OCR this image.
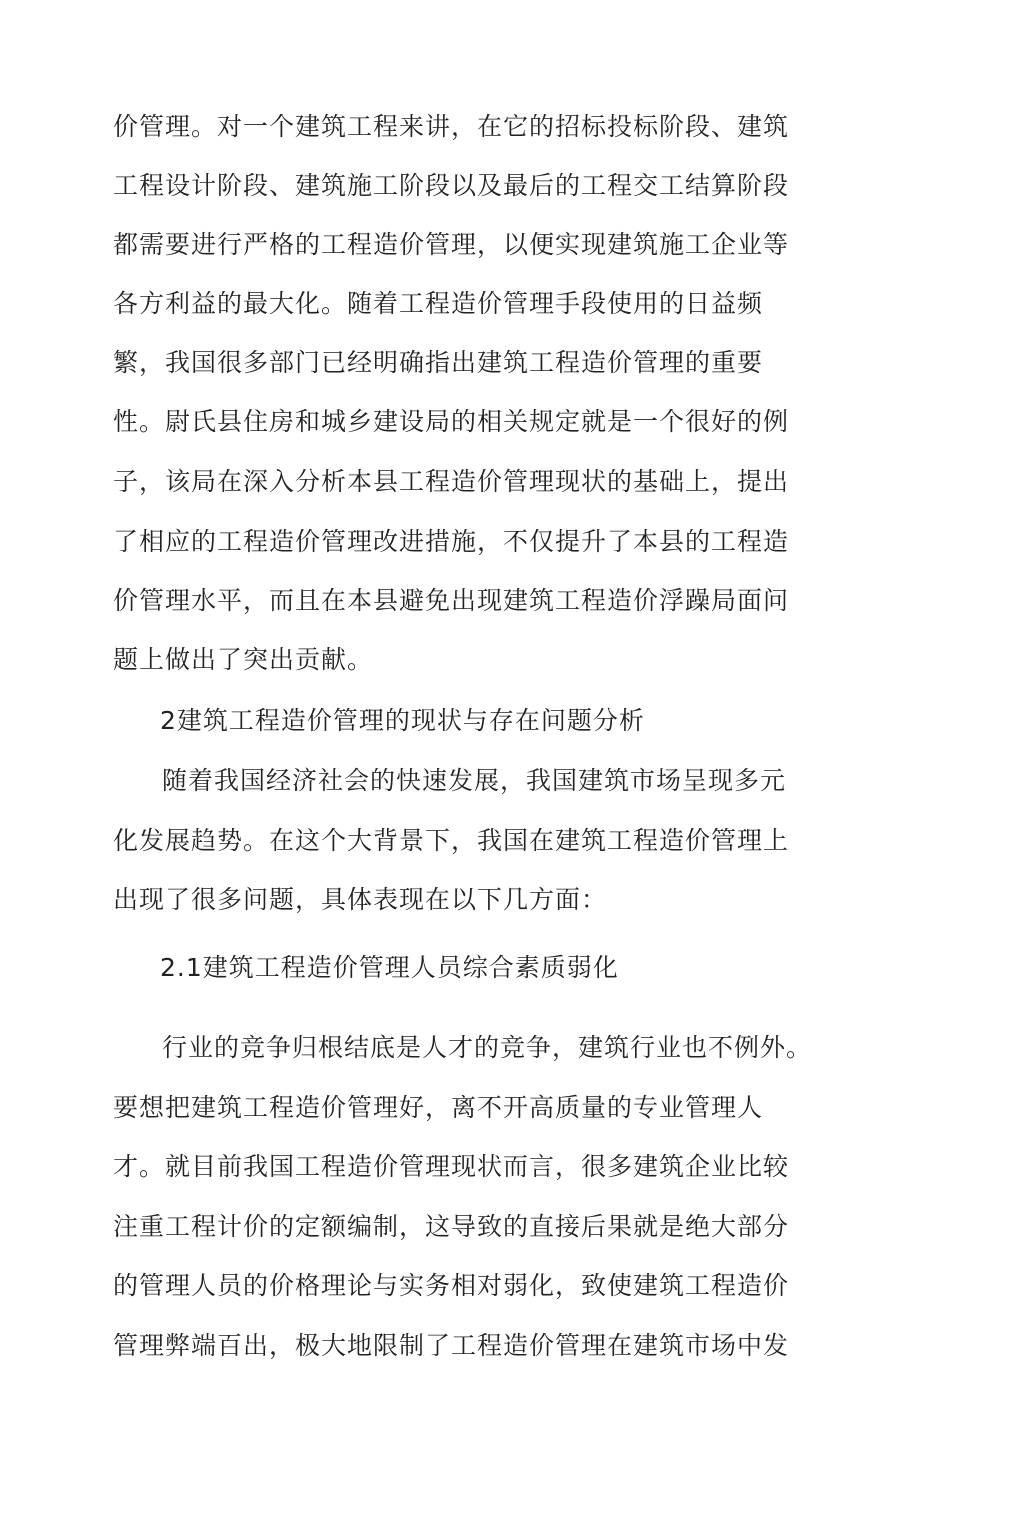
价管理。对一个建筑工程来讲，在它的招标投标阶段、建筑
工程设计阶段、建筑施工阶段以及最后的工程交工结算阶段
都需要进行严格的工程造价管理，以便实现建筑施工企业等
各方利益的最大化。随着工程造价管理手段使用的日益频
繁，我国很多部门已经明确指出建筑工程造价管理的重要
性。尉氏县住房和城乡建设局的相关规定就是一个很好的例
子，该局在深入分析本县工程造价管理现状的基础上，提出
了相应的工程造价管理改进措施，不仅提升了本县的工程造
价管理水平，而且在本县避免出现建筑工程造价浮躁局面问
题上做出了突出贡献。
2建筑工程造价管理的现状与存在问题分析
随着我国经济社会的快速发展，我国建筑市场呈现多元
化发展趋势。在这个大背景下，我国在建筑工程造价管理上
出现了很多问题，具体表现在以下几方面：
2.1建筑工程造价管理人员综合素质弱化
行业的竞争归根结底是人才的竞争，建筑行业也不例外。
要想把建筑工程造价管理好，离不开高质量的专业管理人
才。就目前我国工程造价管理现状而言，很多建筑企业比较
注重工程计价的定额编制，这导致的直接后果就是绝大部分
的管理人员的价格理论与实务相对弱化，致使建筑工程造价
管理弊端百出，极大地限制了工程造价管理在建筑市场中发
